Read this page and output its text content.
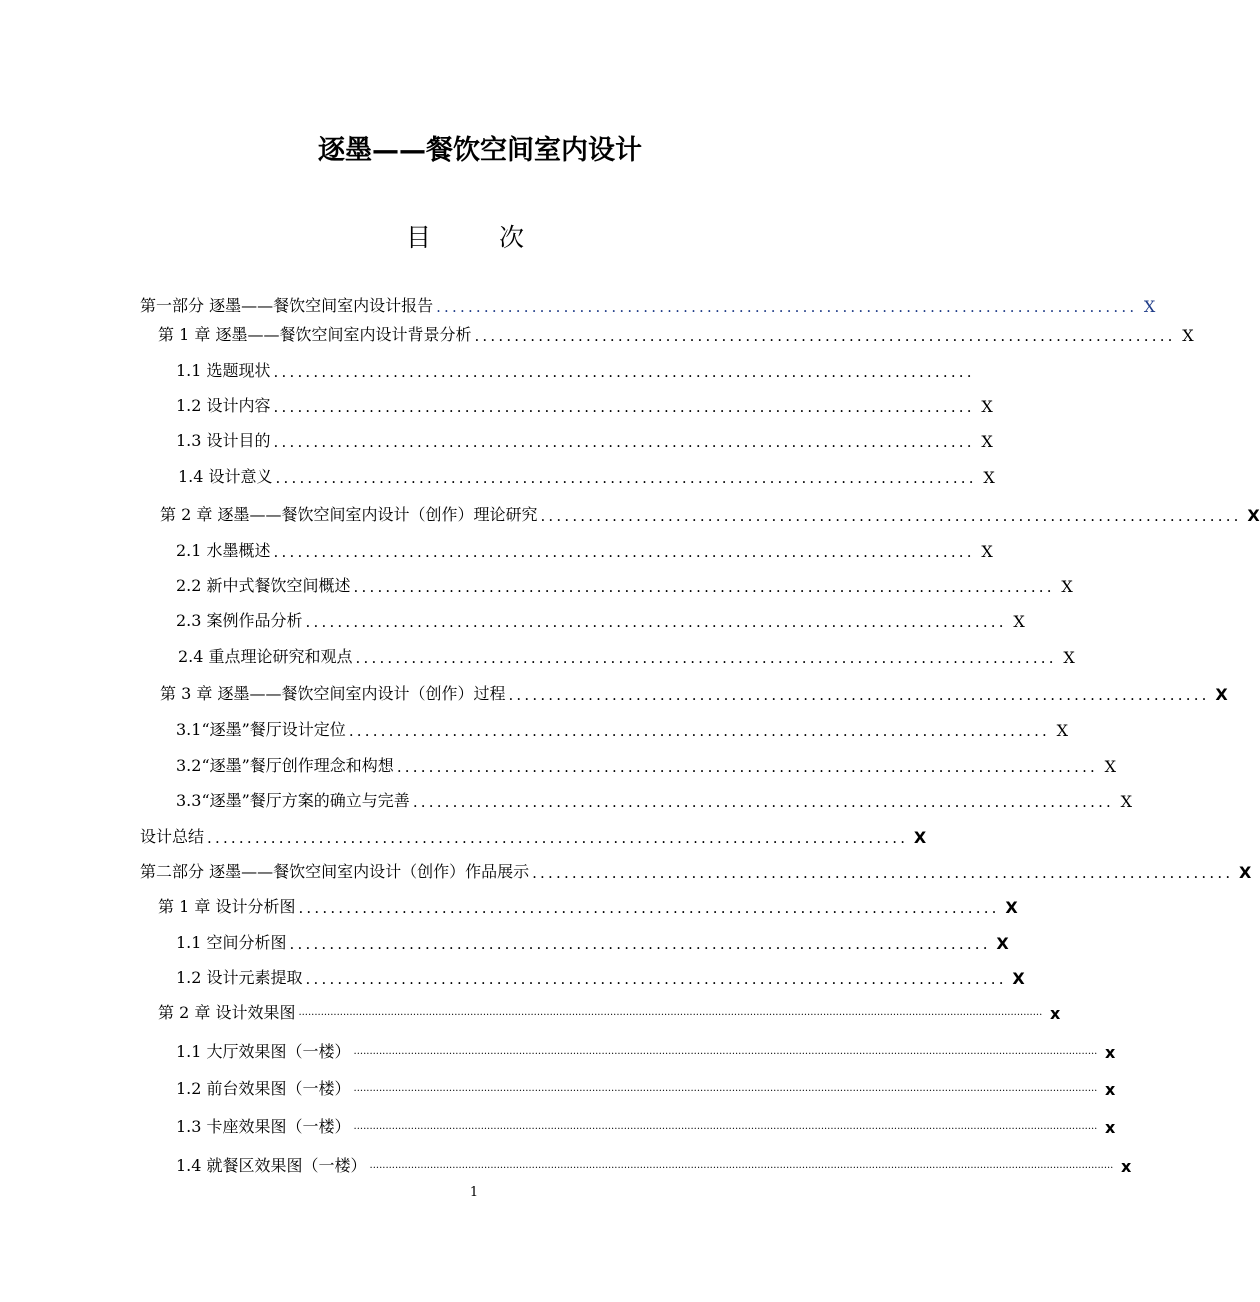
逐墨——餐饮空间室内设计
目 次
第一部分 逐墨——餐饮空间室内设计报告 ........................................................................................ X
第 1 章 逐墨——餐饮空间室内设计背景分析 ........................................................................................ X
1.1 选题现状 ........................................................................................
1.2 设计内容 ........................................................................................ X
1.3 设计目的 ........................................................................................ X
1.4 设计意义 ........................................................................................ X
第 2 章 逐墨——餐饮空间室内设计（创作）理论研究 ........................................................................................ X
2.1 水墨概述 ........................................................................................ X
2.2 新中式餐饮空间概述 ........................................................................................ X
2.3 案例作品分析 ........................................................................................ X
2.4 重点理论研究和观点 ........................................................................................ X
第 3 章 逐墨——餐饮空间室内设计（创作）过程 ........................................................................................ X
3.1“逐墨”餐厅设计定位 ........................................................................................ X
3.2“逐墨”餐厅创作理念和构想 ........................................................................................ X
3.3“逐墨”餐厅方案的确立与完善 ........................................................................................ X
设计总结 ........................................................................................ X
第二部分 逐墨——餐饮空间室内设计（创作）作品展示 ........................................................................................ X
第 1 章 设计分析图 ........................................................................................ X
1.1 空间分析图 ........................................................................................ X
1.2 设计元素提取 ........................................................................................ X
第 2 章 设计效果图 .......................................................................................................................................................................................................................................... x
1.1 大厅效果图（一楼） .......................................................................................................................................................................................................................................... x
1.2 前台效果图（一楼） .......................................................................................................................................................................................................................................... x
1.3 卡座效果图（一楼） .......................................................................................................................................................................................................................................... x
1.4 就餐区效果图（一楼） .......................................................................................................................................................................................................................................... x
1
